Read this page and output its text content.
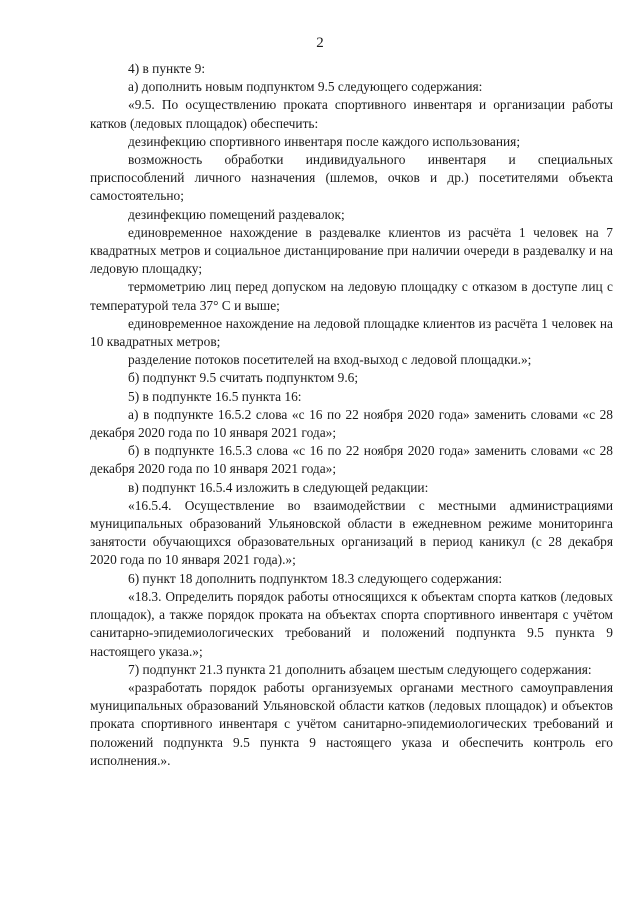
2

4) в пункте 9:

а) дополнить новым подпунктом 9.5 следующего содержания:

«9.5. По осуществлению проката спортивного инвентаря и организации работы катков (ледовых площадок) обеспечить:

дезинфекцию спортивного инвентаря после каждого использования;

возможность обработки индивидуального инвентаря и специальных приспособлений личного назначения (шлемов, очков и др.) посетителями объекта самостоятельно;

дезинфекцию помещений раздевалок;

единовременное нахождение в раздевалке клиентов из расчёта 1 человек на 7 квадратных метров и социальное дистанцирование при наличии очереди в раздевалку и на ледовую площадку;

термометрию лиц перед допуском на ледовую площадку с отказом в доступе лиц с температурой тела 37° С и выше;

единовременное нахождение на ледовой площадке клиентов из расчёта 1 человек на 10 квадратных метров;

разделение потоков посетителей на вход-выход с ледовой площадки.»;

б) подпункт 9.5 считать подпунктом 9.6;

5) в подпункте 16.5 пункта 16:

а) в подпункте 16.5.2 слова «с 16 по 22 ноября 2020 года» заменить словами «с 28 декабря 2020 года по 10 января 2021 года»;

б) в подпункте 16.5.3 слова «с 16 по 22 ноября 2020 года» заменить словами «с 28 декабря 2020 года по 10 января 2021 года»;

в) подпункт 16.5.4 изложить в следующей редакции:

«16.5.4. Осуществление во взаимодействии с местными администрациями муниципальных образований Ульяновской области в ежедневном режиме мониторинга занятости обучающихся образовательных организаций в период каникул (с 28 декабря 2020 года по 10 января 2021 года).»;

6) пункт 18 дополнить подпунктом 18.3 следующего содержания:

«18.3. Определить порядок работы относящихся к объектам спорта катков (ледовых площадок), а также порядок проката на объектах спорта спортивного инвентаря с учётом санитарно-эпидемиологических требований и положений подпункта 9.5 пункта 9 настоящего указа.»;

7) подпункт 21.3 пункта 21 дополнить абзацем шестым следующего содержания:

«разработать порядок работы организуемых органами местного самоуправления муниципальных образований Ульяновской области катков (ледовых площадок) и объектов проката спортивного инвентаря с учётом санитарно-эпидемиологических требований и положений подпункта 9.5 пункта 9 настоящего указа и обеспечить контроль его исполнения.».
